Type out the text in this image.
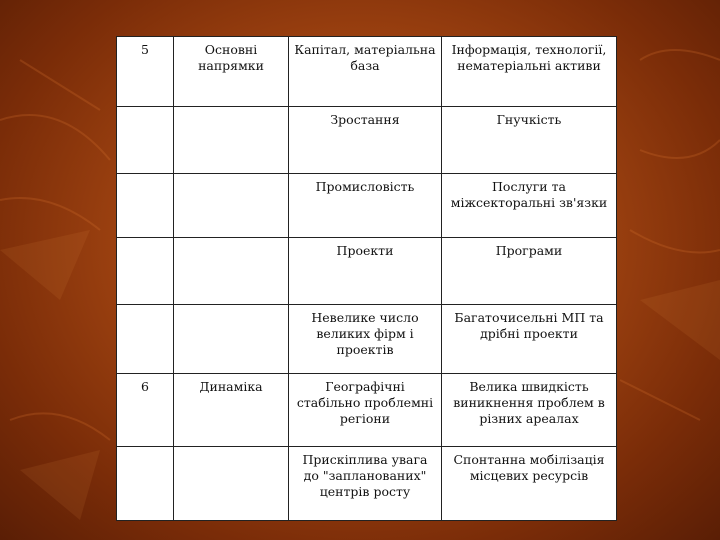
5	Основні напрямки	Капітал, матеріальна база	Інформація, технології, нематеріальні активи
		Зростання	Гнучкість
		Промисловість	Послуги та міжсекторальні зв'язки
		Проекти	Програми
		Невелике число великих фірм і проектів	Багаточисельні МП та дрібні проекти
6	Динаміка	Географічні стабільно проблемні регіони	Велика швидкість виникнення проблем в різних ареалах
		Прискіплива увага до "запланованих" центрів росту	Спонтанна мобілізація місцевих ресурсів
